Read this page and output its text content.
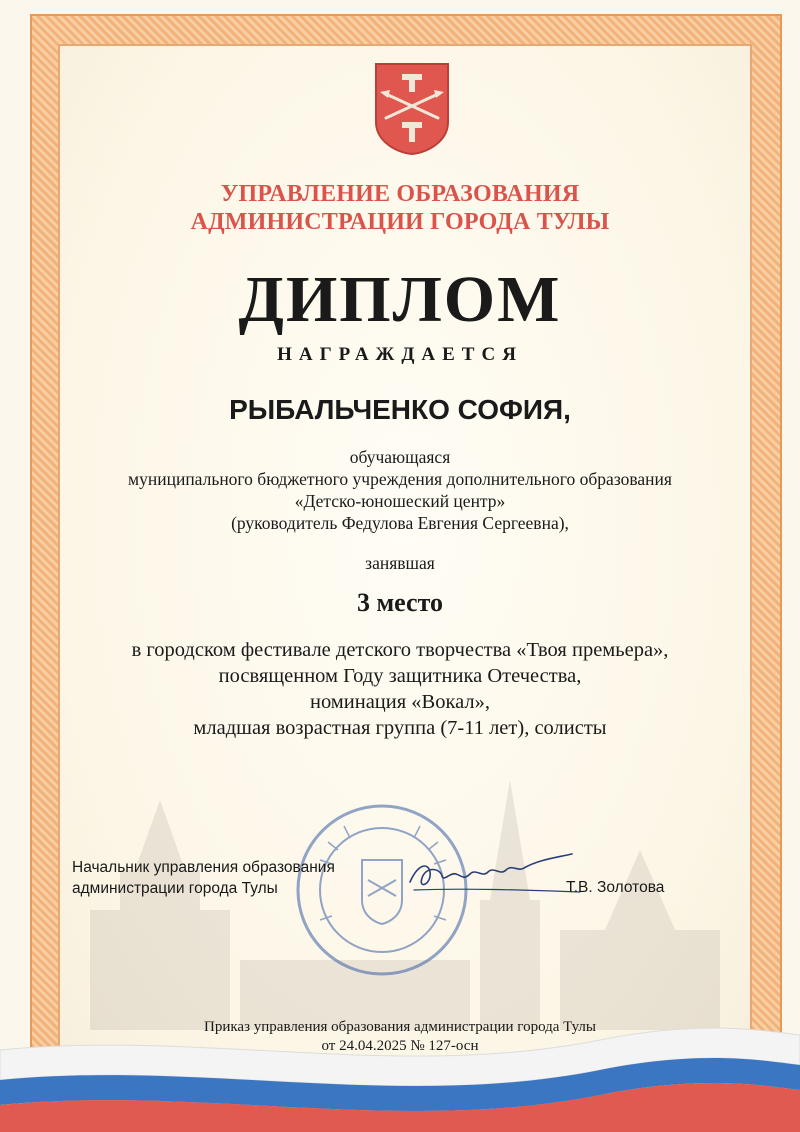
УПРАВЛЕНИЕ ОБРАЗОВАНИЯ

АДМИНИСТРАЦИИ ГОРОДА ТУЛЫ

ДИПЛОМ

НАГРАЖДАЕТСЯ

РЫБАЛЬЧЕНКО СОФИЯ,

обучающаяся

муниципального бюджетного учреждения дополнительного образования

«Детско-юношеский центр»

(руководитель Федулова Евгения Сергеевна),

занявшая

3 место

в городском фестивале детского творчества «Твоя премьера»,

посвященном Году защитника Отечества,

номинация «Вокал»,

младшая возрастная группа (7-11 лет), солисты

Начальник управления образования
администрации города Тулы	Т.В. Золотова

Приказ управления образования администрации города Тулы
от 24.04.2025 № 127-осн
